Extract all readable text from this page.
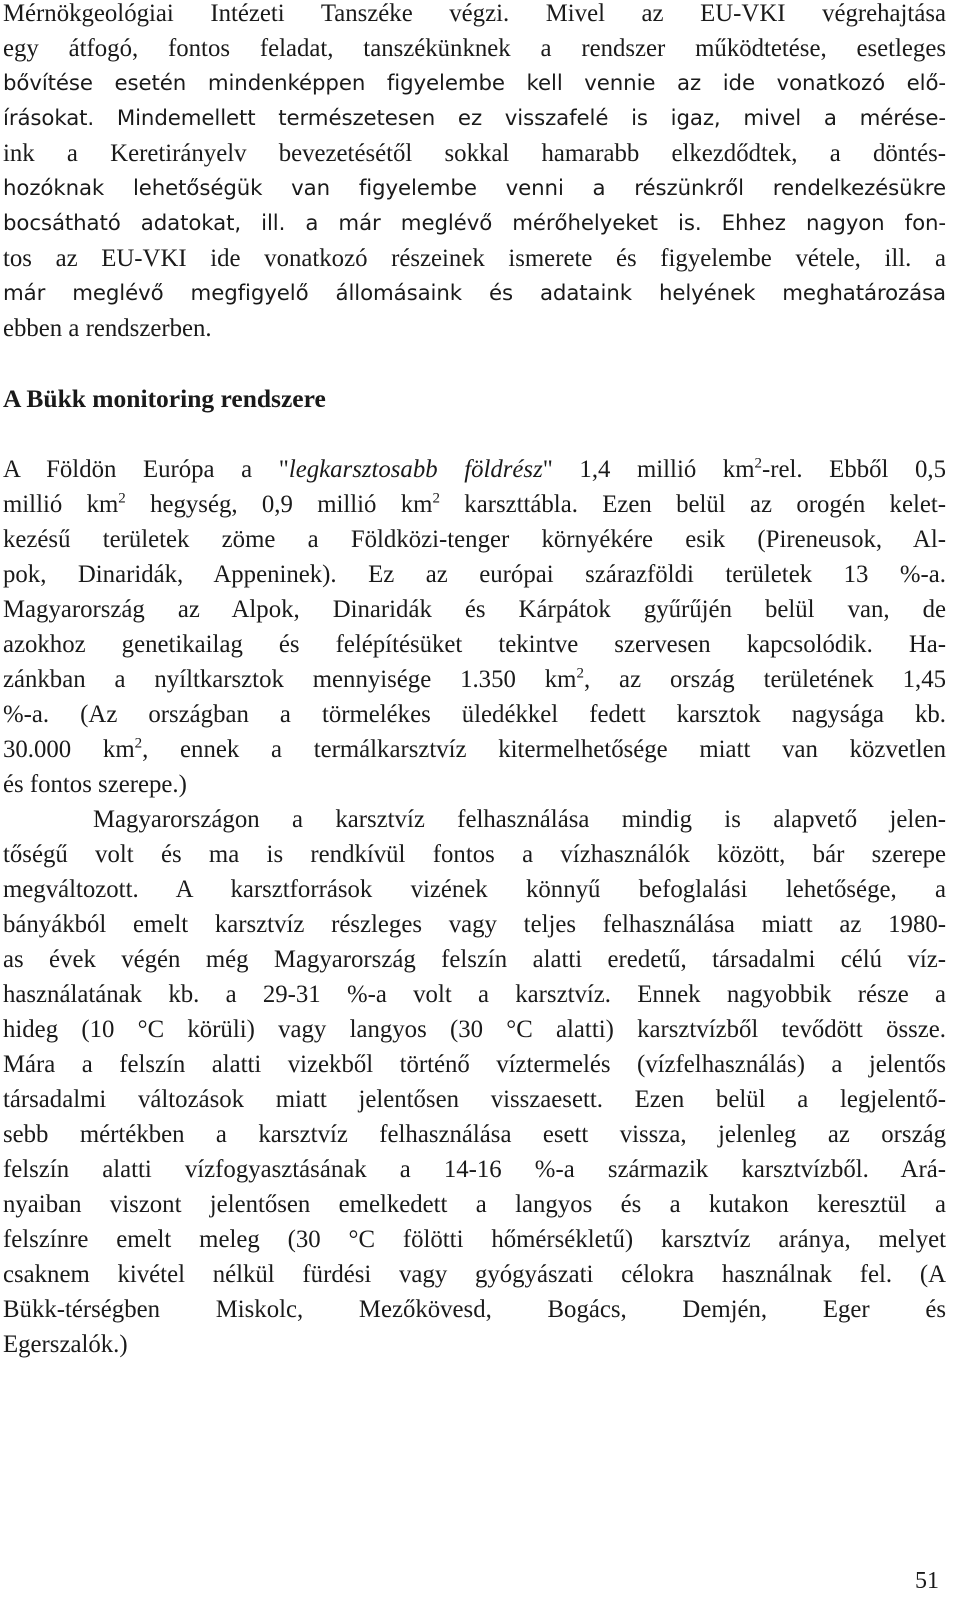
Mérnökgeológiai Intézeti Tanszéke végzi. Mivel az EU-VKI végrehajtása
egy átfogó, fontos feladat, tanszékünknek a rendszer működtetése, esetleges
bővítése esetén mindenképpen figyelembe kell vennie az ide vonatkozó elő-
írásokat. Mindemellett természetesen ez visszafelé is igaz, mivel a mérése-
ink a Keretirányelv bevezetésétől sokkal hamarabb elkezdődtek, a döntés-
hozóknak lehetőségük van figyelembe venni a részünkről rendelkezésükre
bocsátható adatokat, ill. a már meglévő mérőhelyeket is. Ehhez nagyon fon-
tos az EU-VKI ide vonatkozó részeinek ismerete és figyelembe vétele, ill. a
már meglévő megfigyelő állomásaink és adataink helyének meghatározása
ebben a rendszerben.
A Bükk monitoring rendszere
A Földön Európa a "legkarsztosabb földrész" 1,4 millió $km^2$-rel. Ebből 0,5
millió $km^2$ hegység, 0,9 millió $km^2$ karszttábla. Ezen belül az orogén kelet-
kezésű területek zöme a Földközi-tenger környékére esik (Pireneusok, Al-
pok, Dinaridák, Appeninek). Ez az európai szárazföldi területek 13 %-a.
Magyarország az Alpok, Dinaridák és Kárpátok gyűrűjén belül van, de
azokhoz genetikailag és felépítésüket tekintve szervesen kapcsolódik. Ha-
zánkban a nyíltkarsztok mennyisége 1.350 $km^2$, az ország területének 1,45
%-a. (Az országban a törmelékes üledékkel fedett karsztok nagysága kb.
30.000 $km^2$, ennek a termálkarsztvíz kitermelhetősége miatt van közvetlen
és fontos szerepe.)
Magyarországon a karsztvíz felhasználása mindig is alapvető jelen-
tőségű volt és ma is rendkívül fontos a vízhasználók között, bár szerepe
megváltozott. A karsztforrások vizének könnyű befoglalási lehetősége, a
bányákból emelt karsztvíz részleges vagy teljes felhasználása miatt az 1980-
as évek végén még Magyarország felszín alatti eredetű, társadalmi célú víz-
használatának kb. a 29-31 %-a volt a karsztvíz. Ennek nagyobbik része a
hideg (10 °C körüli) vagy langyos (30 °C alatti) karsztvízből tevődött össze.
Mára a felszín alatti vizekből történő víztermelés (vízfelhasználás) a jelentős
társadalmi változások miatt jelentősen visszaesett. Ezen belül a legjelentő-
sebb mértékben a karsztvíz felhasználása esett vissza, jelenleg az ország
felszín alatti vízfogyasztásának a 14-16 %-a származik karsztvízből. Ará-
nyaiban viszont jelentősen emelkedett a langyos és a kutakon keresztül a
felszínre emelt meleg (30 °C fölötti hőmérsékletű) karsztvíz aránya, melyet
csaknem kivétel nélkül fürdési vagy gyógyászati célokra használnak fel. (A
Bükk-térségben Miskolc, Mezőkövesd, Bogács, Demjén, Eger és
Egerszalók.)
51
